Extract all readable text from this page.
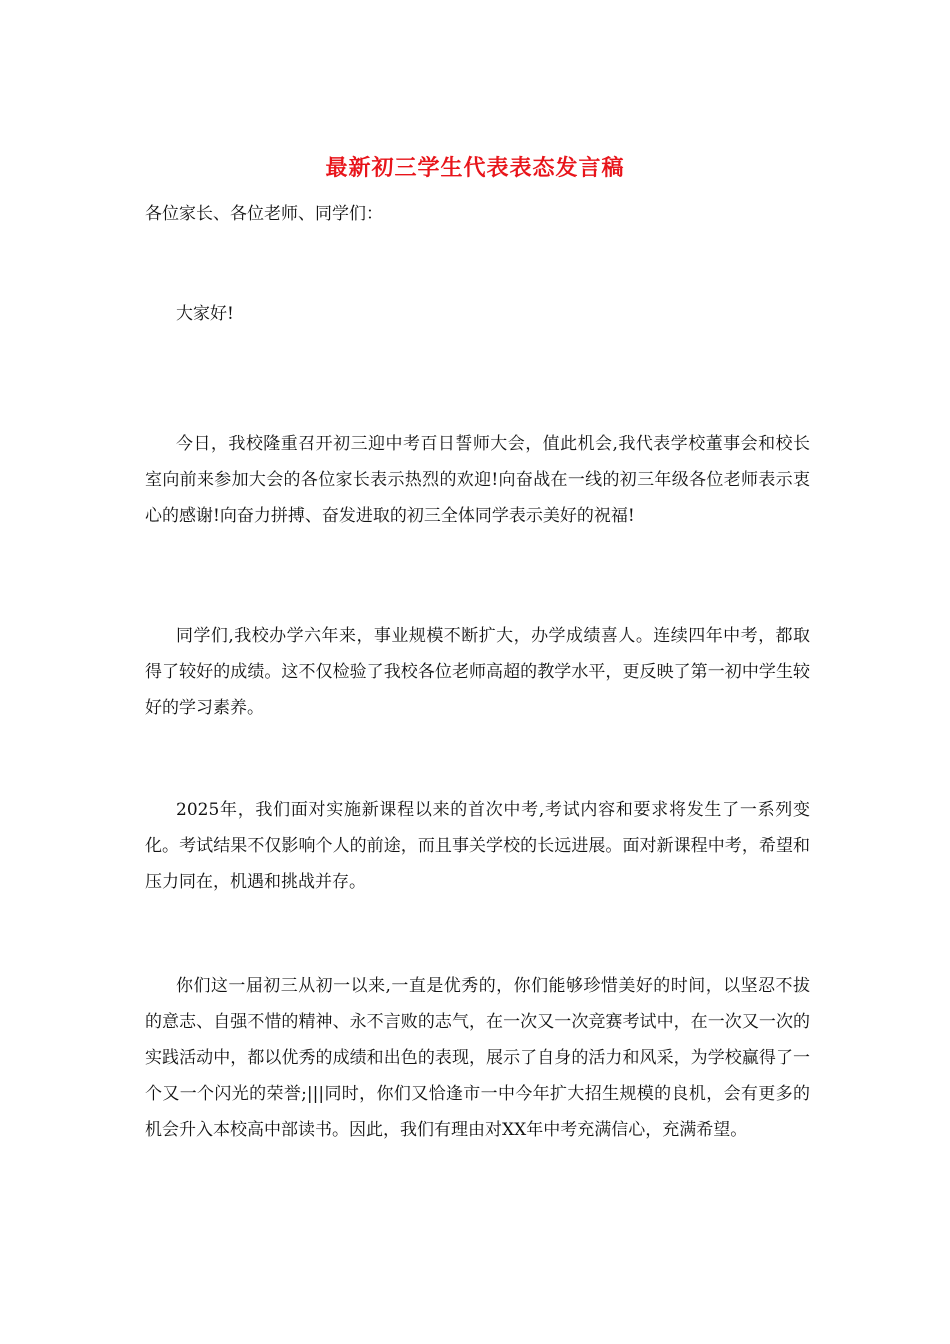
最新初三学生代表表态发言稿

各位家长、各位老师、同学们：

大家好!

今日，我校隆重召开初三迎中考百日誓师大会，值此机会,我代表学校董事会和校长室向前来参加大会的各位家长表示热烈的欢迎!向奋战在一线的初三年级各位老师表示衷心的感谢!向奋力拼搏、奋发进取的初三全体同学表示美好的祝福!

同学们,我校办学六年来，事业规模不断扩大，办学成绩喜人。连续四年中考，都取得了较好的成绩。这不仅检验了我校各位老师高超的教学水平，更反映了第一初中学生较好的学习素养。

2025年，我们面对实施新课程以来的首次中考,考试内容和要求将发生了一系列变化。考试结果不仅影响个人的前途，而且事关学校的长远进展。面对新课程中考，希望和压力同在，机遇和挑战并存。

你们这一届初三从初一以来,一直是优秀的，你们能够珍惜美好的时间，以坚忍不拔的意志、自强不惜的精神、永不言败的志气，在一次又一次竞赛考试中，在一次又一次的实践活动中，都以优秀的成绩和出色的表现，展示了自身的活力和风采，为学校赢得了一个又一个闪光的荣誉;|||同时，你们又恰逢市一中今年扩大招生规模的良机，会有更多的机会升入本校高中部读书。因此，我们有理由对XX年中考充满信心，充满希望。
